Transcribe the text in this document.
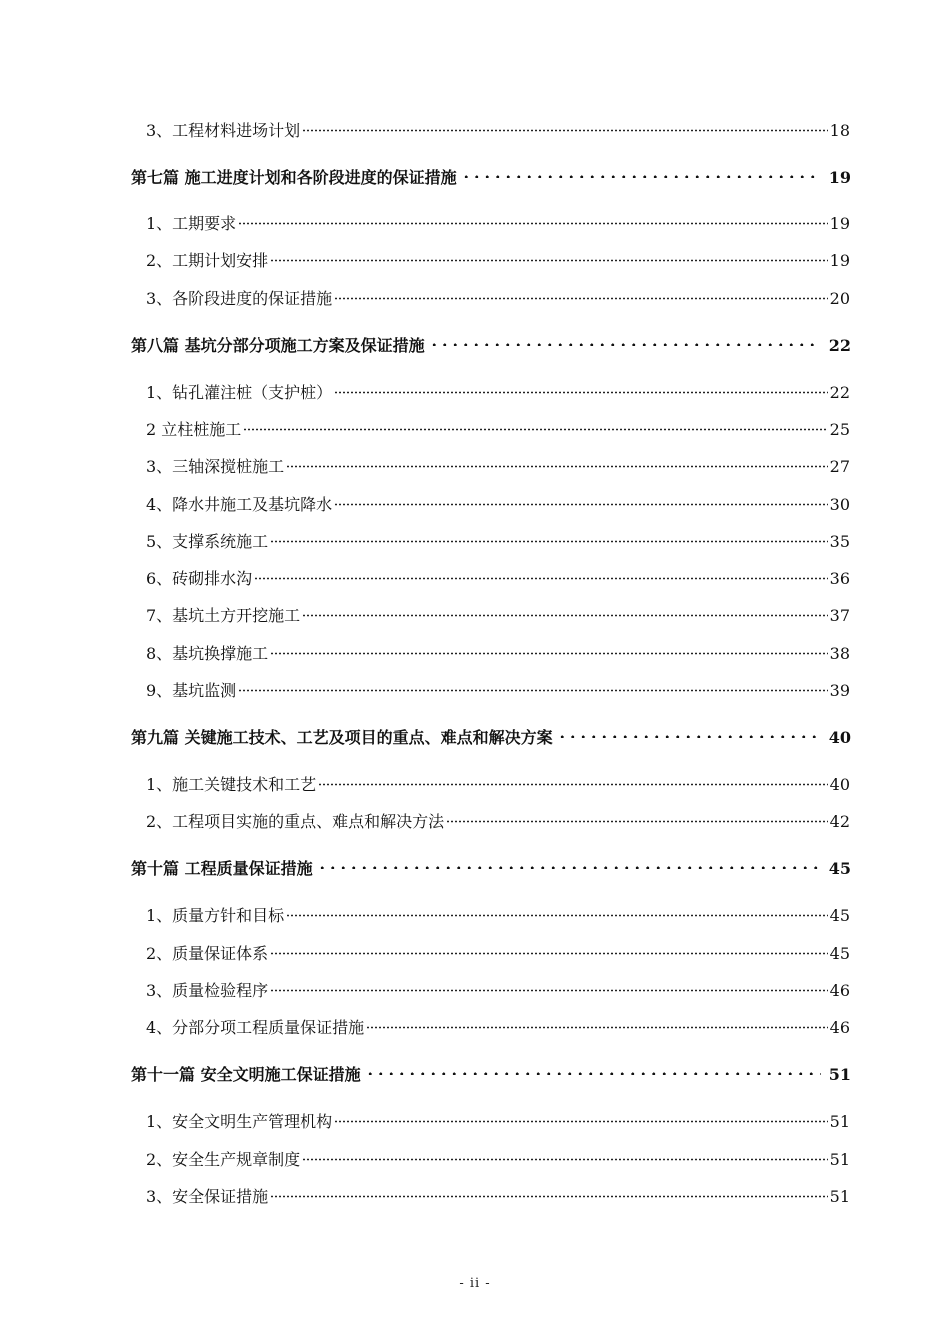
3、工程材料进场计划	18
第七篇 施工进度计划和各阶段进度的保证措施	19
1、工期要求	19
2、工期计划安排	19
3、各阶段进度的保证措施	20
第八篇 基坑分部分项施工方案及保证措施	22
1、钻孔灌注桩（支护桩）	22
2 立柱桩施工	25
3、三轴深搅桩施工	27
4、降水井施工及基坑降水	30
5、支撑系统施工	35
6、砖砌排水沟	36
7、基坑土方开挖施工	37
8、基坑换撑施工	38
9、基坑监测	39
第九篇 关键施工技术、工艺及项目的重点、难点和解决方案	40
1、施工关键技术和工艺	40
2、工程项目实施的重点、难点和解决方法	42
第十篇 工程质量保证措施	45
1、质量方针和目标	45
2、质量保证体系	45
3、质量检验程序	46
4、分部分项工程质量保证措施	46
第十一篇 安全文明施工保证措施	51
1、安全文明生产管理机构	51
2、安全生产规章制度	51
3、安全保证措施	51
- ii -
